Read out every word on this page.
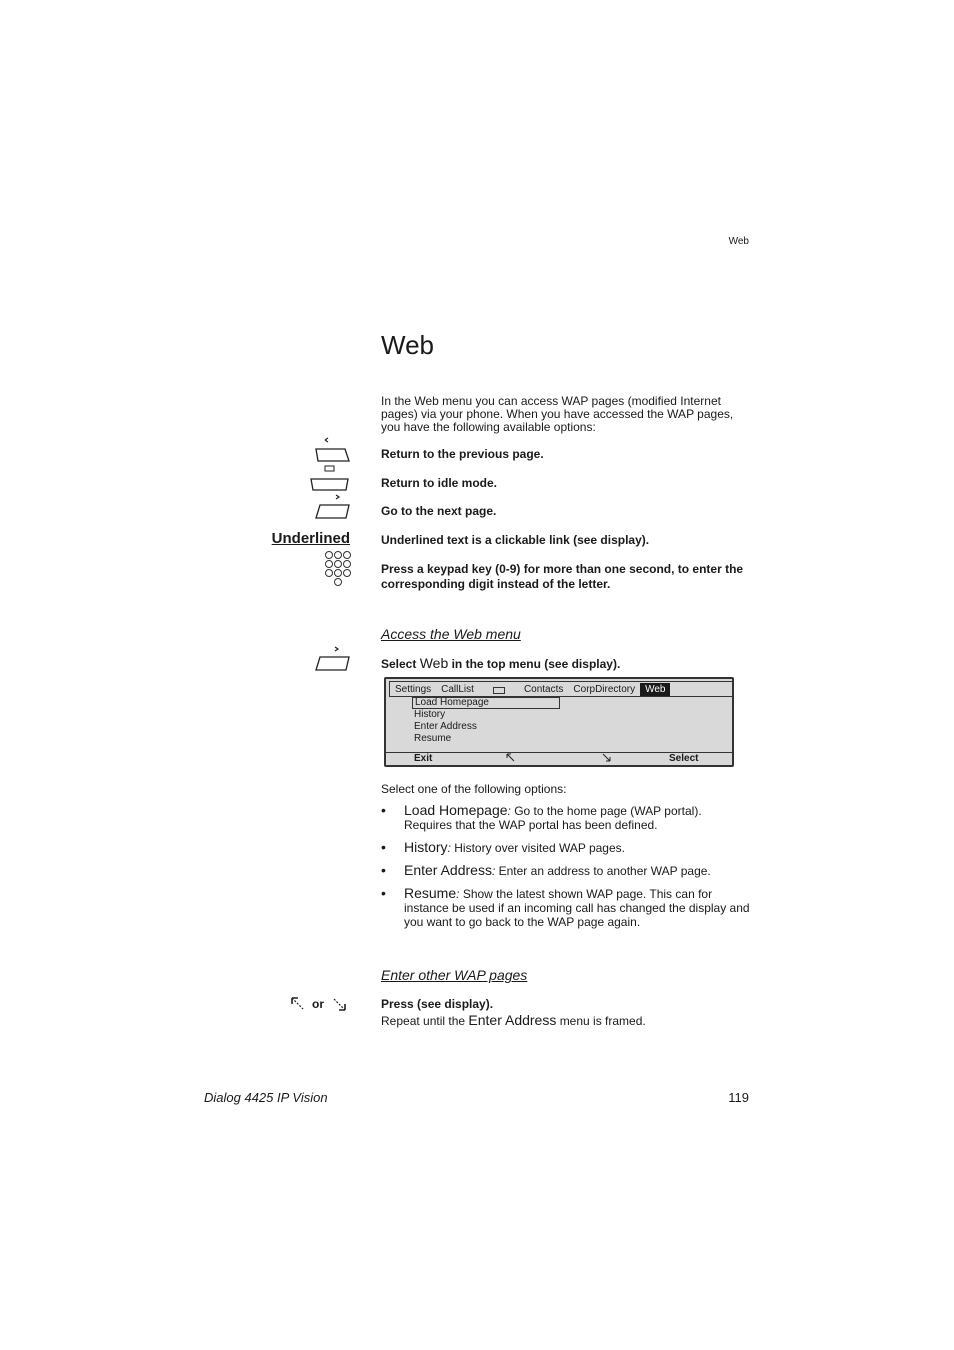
Web
Web
In the Web menu you can access WAP pages (modified Internet pages) via your phone. When you have accessed the WAP pages, you have the following available options:
Return to the previous page.
Return to idle mode.
Go to the next page.
Underlined	Underlined text is a clickable link (see display).
Press a keypad key (0-9) for more than one second, to enter the corresponding digit instead of the letter.
Access the Web menu
Select Web in the top menu (see display).
Settings	CallList	Contacts	CorpDirectory	Web
Load Homepage
History
Enter Address
Resume
Exit	Select
Select one of the following options:
• Load Homepage: Go to the home page (WAP portal). Requires that the WAP portal has been defined.
• History: History over visited WAP pages.
• Enter Address: Enter an address to another WAP page.
• Resume: Show the latest shown WAP page. This can for instance be used if an incoming call has changed the display and you want to go back to the WAP page again.
Enter other WAP pages
or	Press (see display).
Repeat until the Enter Address menu is framed.
Dialog 4425 IP Vision	119
